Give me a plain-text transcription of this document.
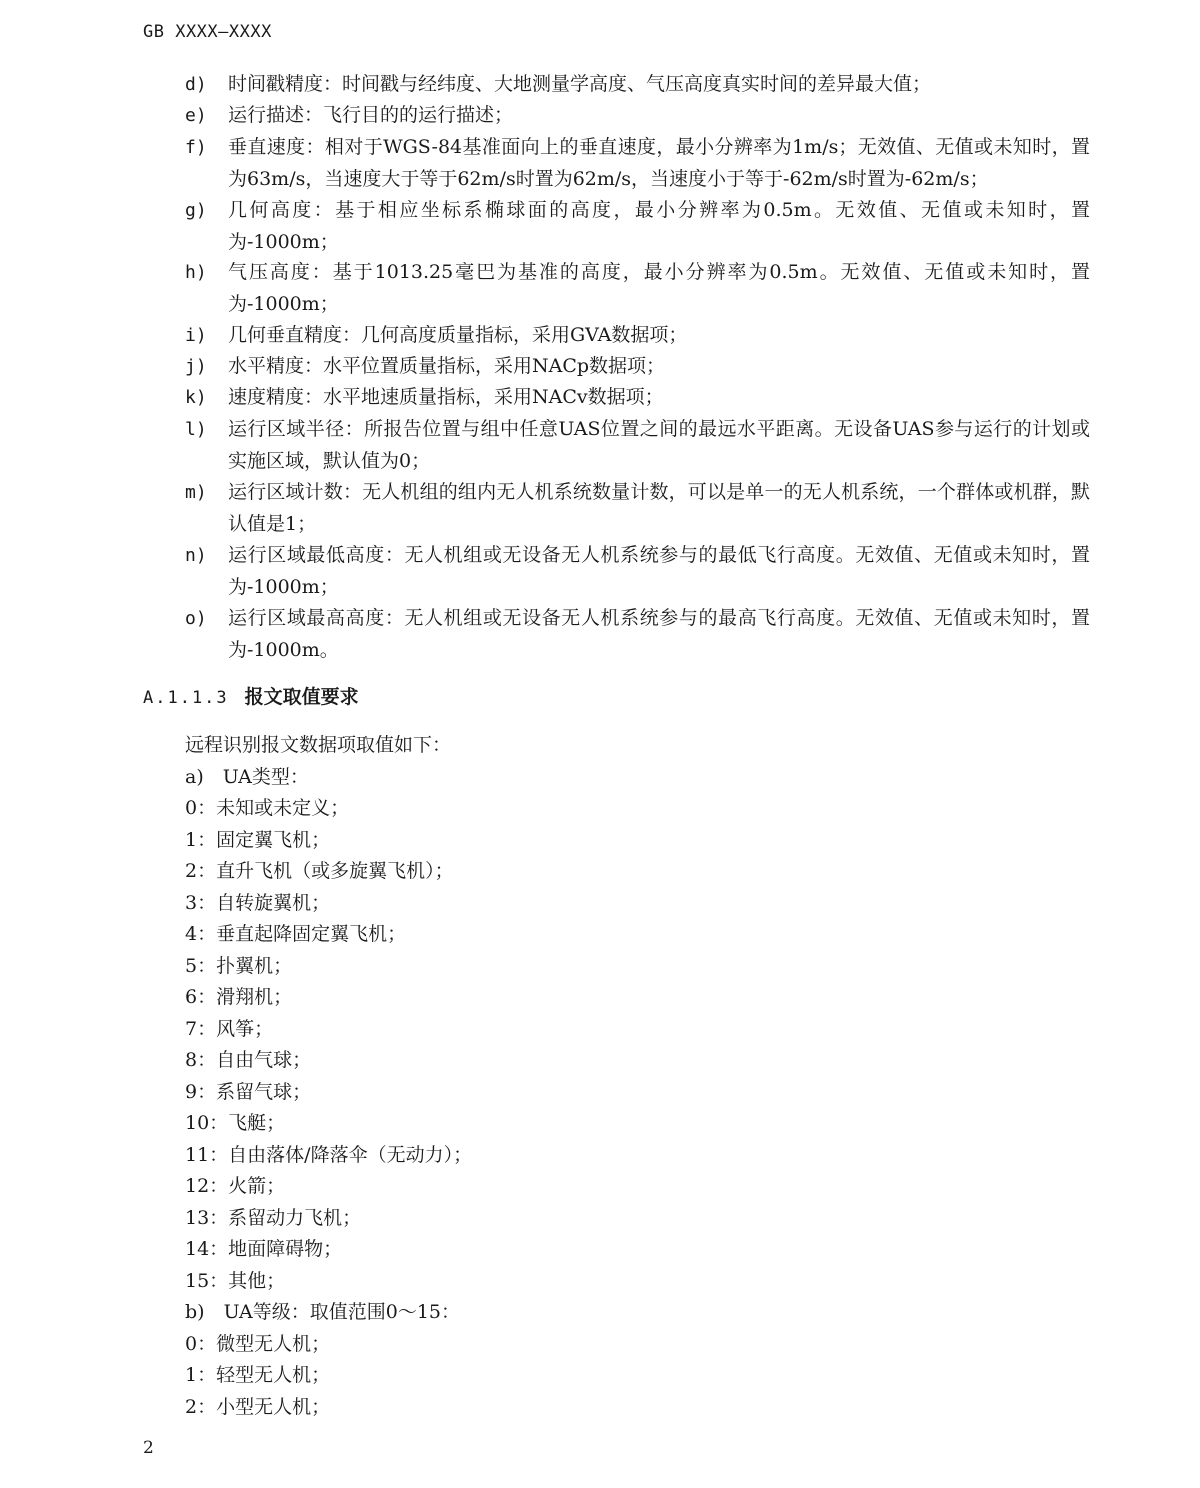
GB XXXX—XXXX
d)	时间戳精度：时间戳与经纬度、大地测量学高度、气压高度真实时间的差异最大值；
e)	运行描述：飞行目的的运行描述；
f)	垂直速度：相对于WGS-84基准面向上的垂直速度，最小分辨率为1m/s；无效值、无值或未知时，置为63m/s，当速度大于等于62m/s时置为62m/s，当速度小于等于-62m/s时置为-62m/s；
g)	几何高度：基于相应坐标系椭球面的高度，最小分辨率为0.5m。无效值、无值或未知时，置为-1000m；
h)	气压高度：基于1013.25毫巴为基准的高度，最小分辨率为0.5m。无效值、无值或未知时，置为-1000m；
i)	几何垂直精度：几何高度质量指标，采用GVA数据项；
j)	水平精度：水平位置质量指标，采用NACp数据项；
k)	速度精度：水平地速质量指标，采用NACv数据项；
l)	运行区域半径：所报告位置与组中任意UAS位置之间的最远水平距离。无设备UAS参与运行的计划或实施区域，默认值为0；
m)	运行区域计数：无人机组的组内无人机系统数量计数，可以是单一的无人机系统，一个群体或机群，默认值是1；
n)	运行区域最低高度：无人机组或无设备无人机系统参与的最低飞行高度。无效值、无值或未知时，置为-1000m；
o)	运行区域最高高度：无人机组或无设备无人机系统参与的最高飞行高度。无效值、无值或未知时，置为-1000m。
A.1.1.3 报文取值要求
远程识别报文数据项取值如下：
a)　UA类型：
0：未知或未定义；
1：固定翼飞机；
2：直升飞机（或多旋翼飞机）；
3：自转旋翼机；
4：垂直起降固定翼飞机；
5：扑翼机；
6：滑翔机；
7：风筝；
8：自由气球；
9：系留气球；
10：飞艇；
11：自由落体/降落伞（无动力）；
12：火箭；
13：系留动力飞机；
14：地面障碍物；
15：其他；
b)　UA等级：取值范围0～15：
0：微型无人机；
1：轻型无人机；
2：小型无人机；
2
